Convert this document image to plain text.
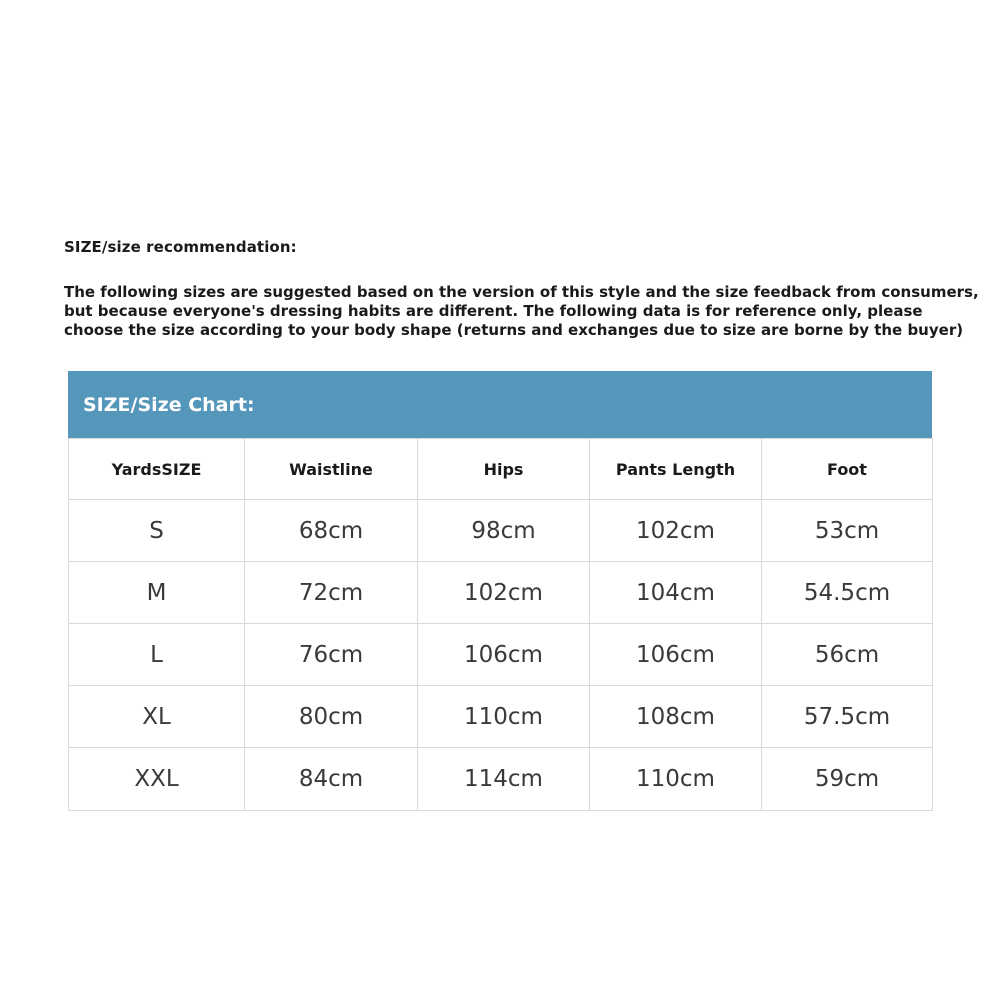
SIZE/size recommendation:

The following sizes are suggested based on the version of this style and the size feedback from consumers,
but because everyone's dressing habits are different. The following data is for reference only, please
choose the size according to your body shape (returns and exchanges due to size are borne by the buyer)

SIZE/Size Chart:
YardsSIZE	Waistline	Hips	Pants Length	Foot
S	68cm	98cm	102cm	53cm
M	72cm	102cm	104cm	54.5cm
L	76cm	106cm	106cm	56cm
XL	80cm	110cm	108cm	57.5cm
XXL	84cm	114cm	110cm	59cm
